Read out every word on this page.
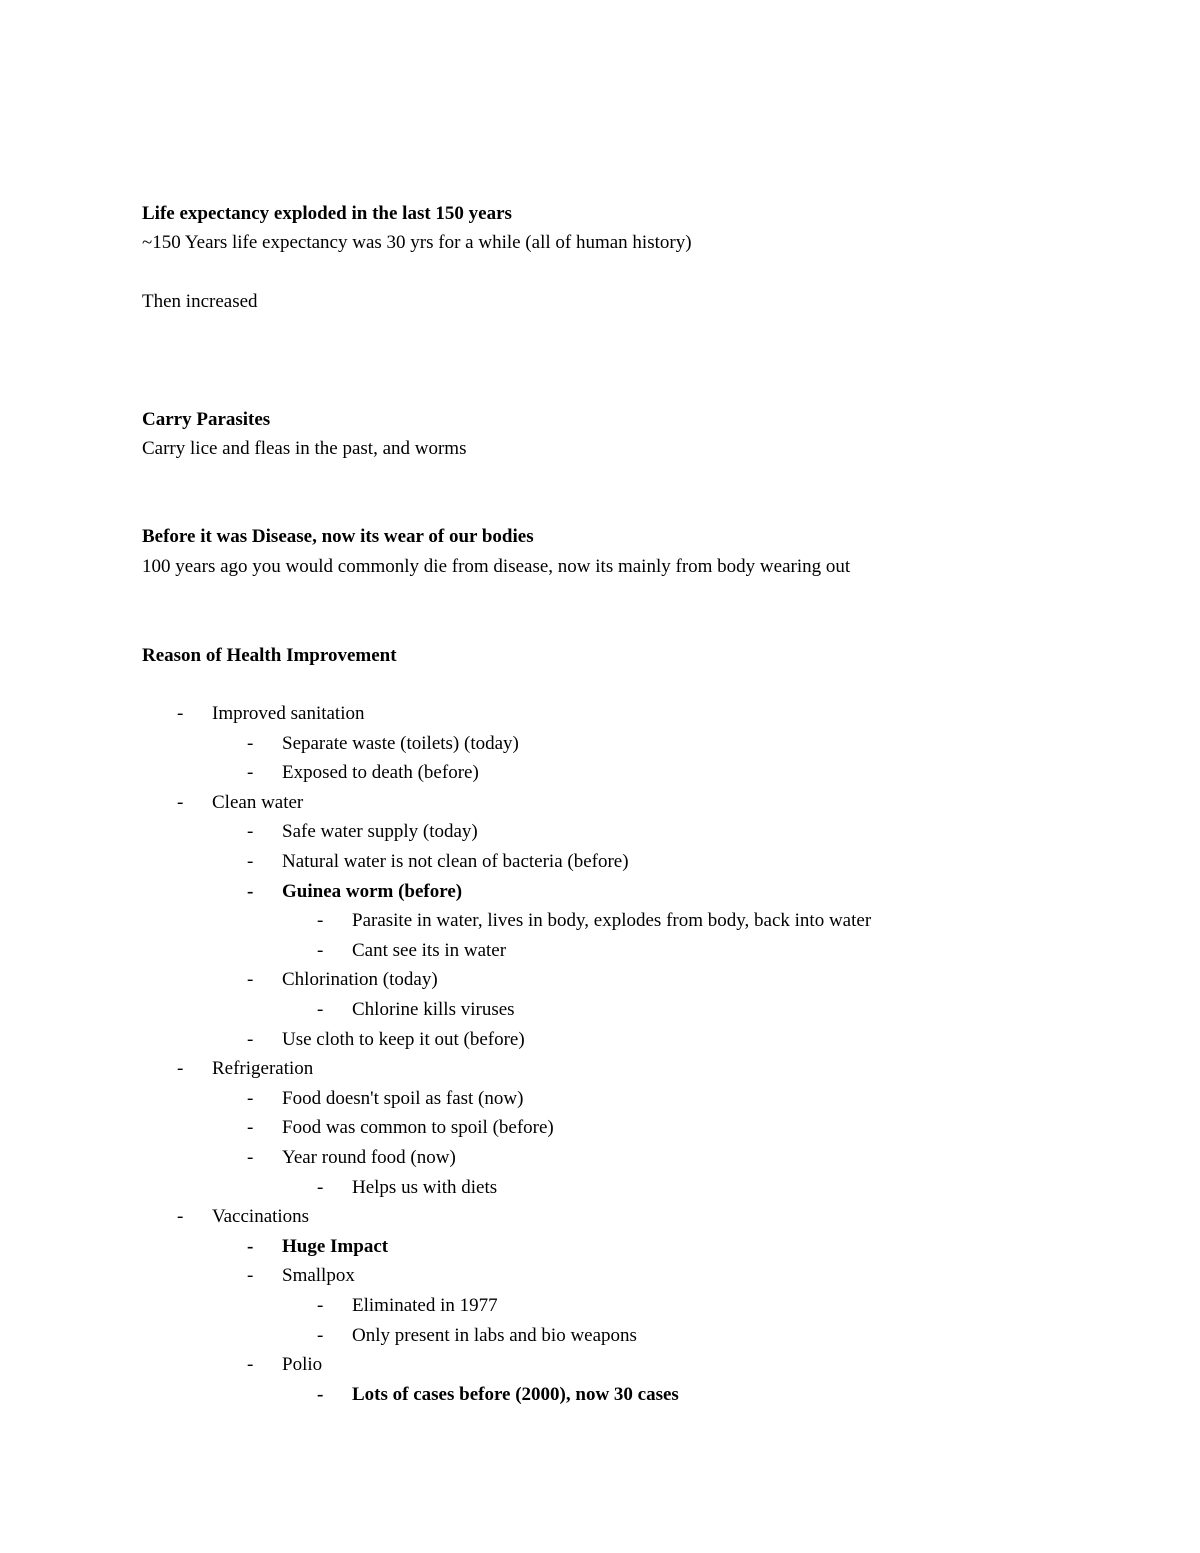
Life expectancy exploded in the last 150 years
~150 Years life expectancy was 30 yrs for a while (all of human history)
Then increased
Carry Parasites
Carry lice and fleas in the past, and worms
Before it was Disease, now its wear of our bodies
100 years ago you would commonly die from disease, now its mainly from body wearing out
Reason of Health Improvement
- Improved sanitation
- Separate waste (toilets) (today)
- Exposed to death (before)
- Clean water
- Safe water supply (today)
- Natural water is not clean of bacteria (before)
- Guinea worm (before)
- Parasite in water, lives in body, explodes from body, back into water
- Cant see its in water
- Chlorination (today)
- Chlorine kills viruses
- Use cloth to keep it out (before)
- Refrigeration
- Food doesn't spoil as fast (now)
- Food was common to spoil (before)
- Year round food (now)
- Helps us with diets
- Vaccinations
- Huge Impact
- Smallpox
- Eliminated in 1977
- Only present in labs and bio weapons
- Polio
- Lots of cases before (2000), now 30 cases
